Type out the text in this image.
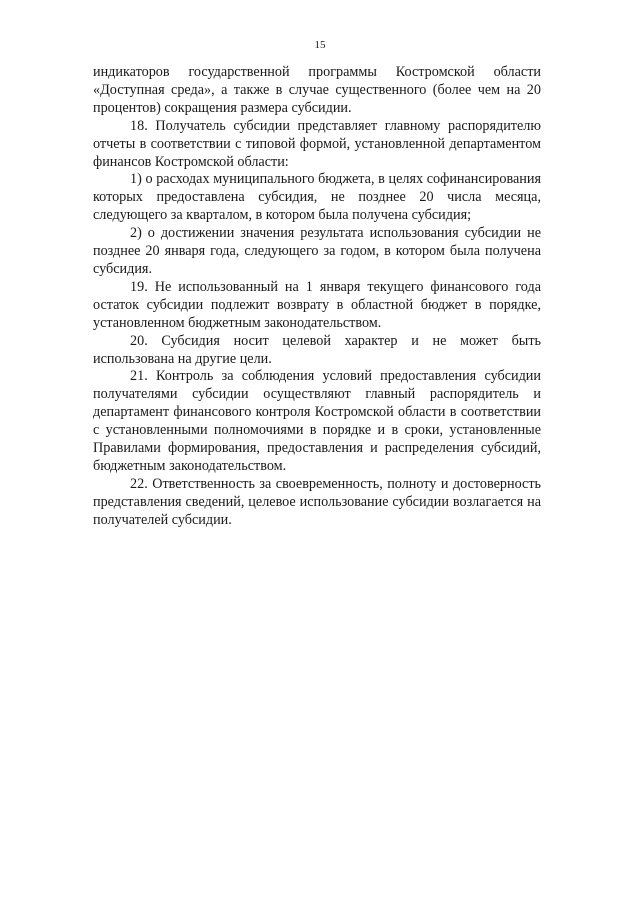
15

индикаторов государственной программы Костромской области «Доступная среда», а также в случае существенного (более чем на 20 процентов) сокращения размера субсидии.

18. Получатель субсидии представляет главному распорядителю отчеты в соответствии с типовой формой, установленной департаментом финансов Костромской области:

1) о расходах муниципального бюджета, в целях софинансирования которых предоставлена субсидия, не позднее 20 числа месяца, следующего за кварталом, в котором была получена субсидия;

2) о достижении значения результата использования субсидии не позднее 20 января года, следующего за годом, в котором была получена субсидия.

19. Не использованный на 1 января текущего финансового года остаток субсидии подлежит возврату в областной бюджет в порядке, установленном бюджетным законодательством.

20. Субсидия носит целевой характер и не может быть использована на другие цели.

21. Контроль за соблюдения условий предоставления субсидии получателями субсидии осуществляют главный распорядитель и департамент финансового контроля Костромской области в соответствии с установленными полномочиями в порядке и в сроки, установленные Правилами формирования, предоставления и распределения субсидий, бюджетным законодательством.

22. Ответственность за своевременность, полноту и достоверность представления сведений, целевое использование субсидии возлагается на получателей субсидии.
